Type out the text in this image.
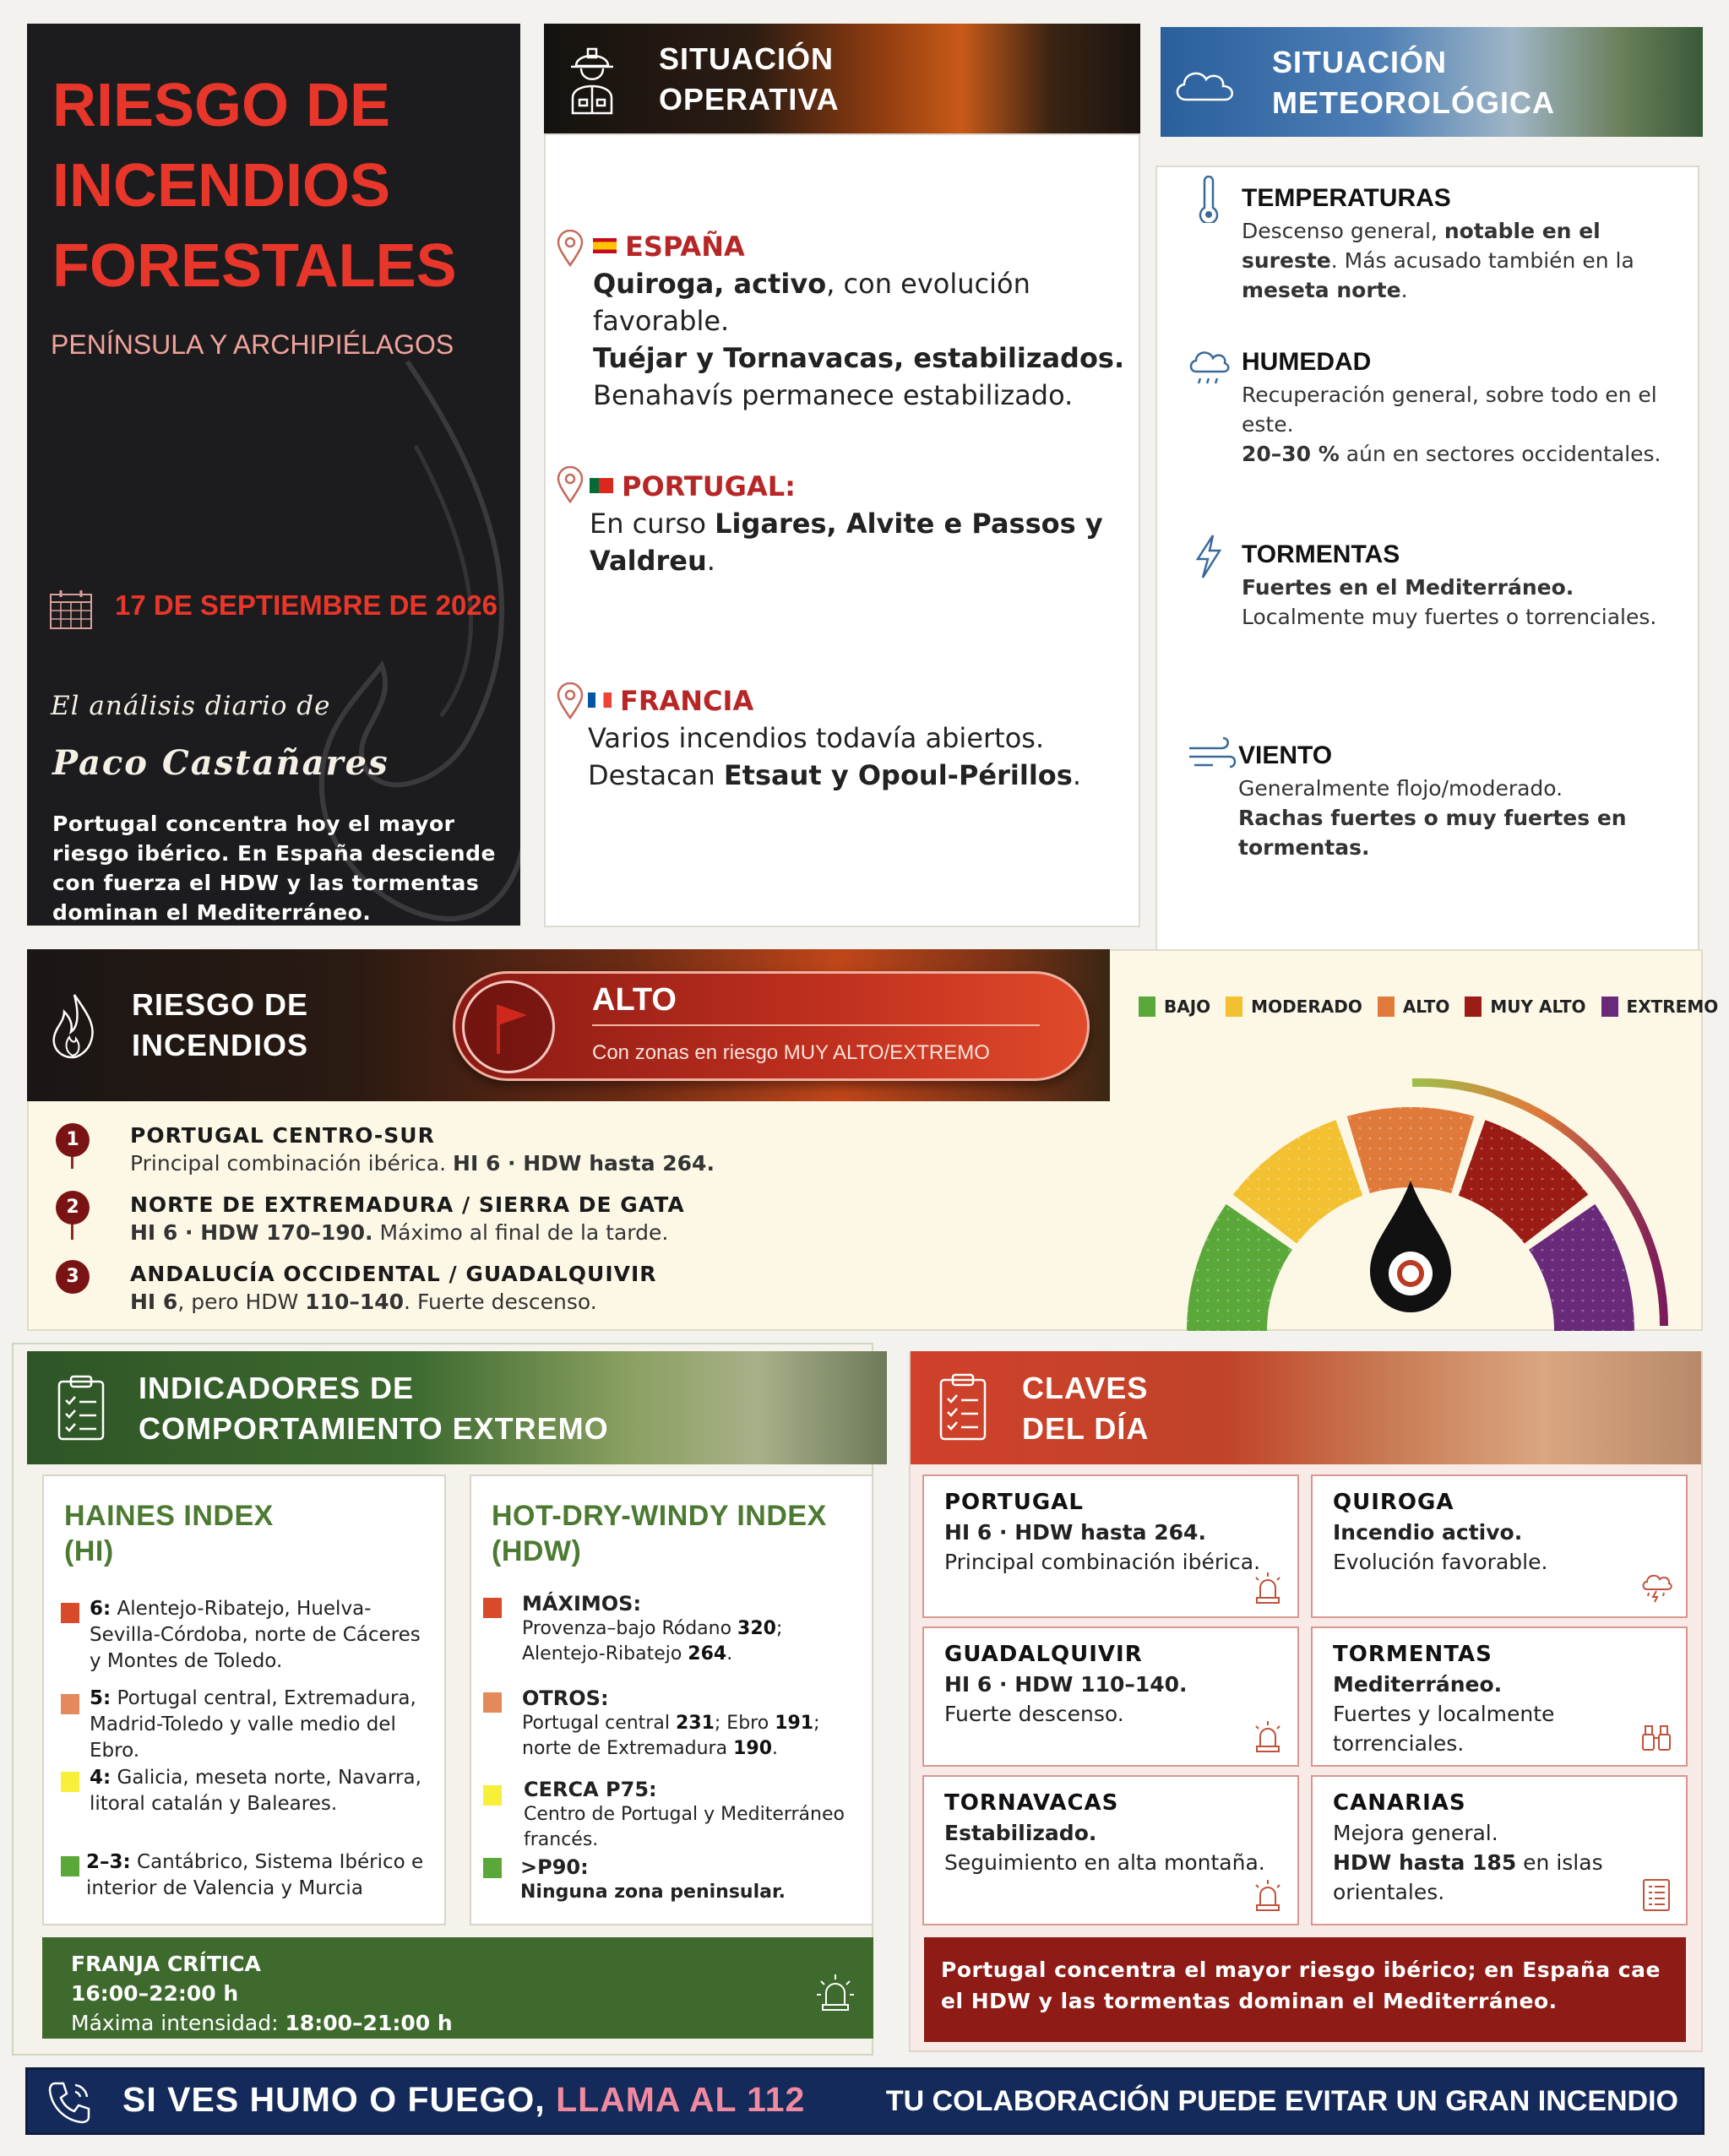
RIESGO DE INCENDIOS FORESTALES
PENÍNSULA Y ARCHIPIÉLAGOS
17 DE SEPTIEMBRE DE 2026
El análisis diario de
Paco Castañares
Portugal concentra hoy el mayor riesgo ibérico. En España desciende con fuerza el HDW y las tormentas dominan el Mediterráneo.
SITUACIÓN
OPERATIVA
ESPAÑA
Quiroga, activo, con evolución favorable.
Tuéjar y Tornavacas, estabilizados.
Benahavís permanece estabilizado.
PORTUGAL:
En curso Ligares, Alvite e Passos y Valdreu.
FRANCIA
Varios incendios todavía abiertos.
Destacan Etsaut y Opoul-Périllos.
SITUACIÓN
METEOROLÓGICA
TEMPERATURAS
Descenso general, notable en el sureste. Más acusado también en la meseta norte.
HUMEDAD
Recuperación general, sobre todo en el este.
20–30 % aún en sectores occidentales.
TORMENTAS
Fuertes en el Mediterráneo.
Localmente muy fuertes o torrenciales.
VIENTO
Generalmente flojo/moderado.
Rachas fuertes o muy fuertes en tormentas.
RIESGO DE
INCENDIOS
ALTO
Con zonas en riesgo MUY ALTO/EXTREMO
1	PORTUGAL CENTRO-SUR
Principal combinación ibérica. HI 6 · HDW hasta 264.
2	NORTE DE EXTREMADURA / SIERRA DE GATA
HI 6 · HDW 170–190. Máximo al final de la tarde.
3	ANDALUCÍA OCCIDENTAL / GUADALQUIVIR
HI 6, pero HDW 110–140. Fuerte descenso.
BAJO MODERADO ALTO MUY ALTO EXTREMO
INDICADORES DE
COMPORTAMIENTO EXTREMO
HAINES INDEX
(HI)
6: Alentejo-Ribatejo, Huelva-Sevilla-Córdoba, norte de Cáceres y Montes de Toledo.
5: Portugal central, Extremadura, Madrid-Toledo y valle medio del Ebro.
4: Galicia, meseta norte, Navarra, litoral catalán y Baleares.
2–3: Cantábrico, Sistema Ibérico e interior de Valencia y Murcia
HOT-DRY-WINDY INDEX
(HDW)
MÁXIMOS:
Provenza–bajo Ródano 320; Alentejo-Ribatejo 264.
OTROS:
Portugal central 231; Ebro 191; norte de Extremadura 190.
CERCA P75:
Centro de Portugal y Mediterráneo francés.
>P90:
Ninguna zona peninsular.
FRANJA CRÍTICA
16:00–22:00 h
Máxima intensidad: 18:00–21:00 h
CLAVES
DEL DÍA
PORTUGAL
HI 6 · HDW hasta 264.
Principal combinación ibérica.
QUIROGA
Incendio activo.
Evolución favorable.
GUADALQUIVIR
HI 6 · HDW 110–140.
Fuerte descenso.
TORMENTAS
Mediterráneo.
Fuertes y localmente torrenciales.
TORNAVACAS
Estabilizado.
Seguimiento en alta montaña.
CANARIAS
Mejora general.
HDW hasta 185 en islas orientales.
Portugal concentra el mayor riesgo ibérico; en España cae el HDW y las tormentas dominan el Mediterráneo.
SI VES HUMO O FUEGO, LLAMA AL 112	TU COLABORACIÓN PUEDE EVITAR UN GRAN INCENDIO
